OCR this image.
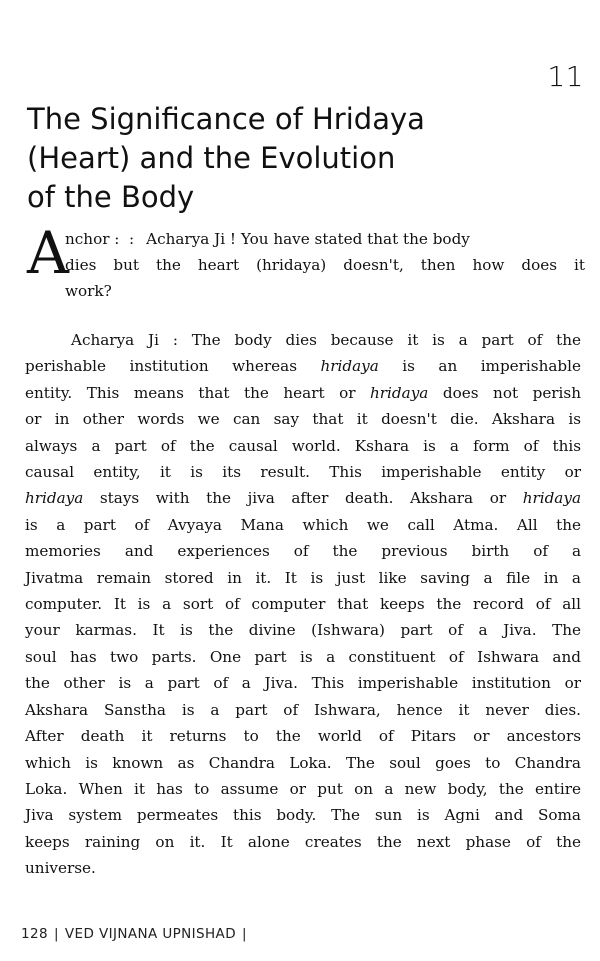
11
The Significance of Hridaya
(Heart) and the Evolution
of the Body
A
nchor : : Acharya Ji ! You have stated that the body
dies but the heart (hridaya) doesn't, then how does it
work?
Acharya Ji : The body dies because it is a part of the
perishable institution whereas hridaya is an imperishable
entity. This means that the heart or hridaya does not perish
or in other words we can say that it doesn't die. Akshara is
always a part of the causal world. Kshara is a form of this
causal entity, it is its result. This imperishable entity or
hridaya stays with the jiva after death. Akshara or hridaya
is a part of Avyaya Mana which we call Atma. All the
memories and experiences of the previous birth of a
Jivatma remain stored in it. It is just like saving a file in a
computer. It is a sort of computer that keeps the record of all
your karmas. It is the divine (Ishwara) part of a Jiva. The
soul has two parts. One part is a constituent of Ishwara and
the other is a part of a Jiva. This imperishable institution or
Akshara Sanstha is a part of Ishwara, hence it never dies.
After death it returns to the world of Pitars or ancestors
which is known as Chandra Loka. The soul goes to Chandra
Loka. When it has to assume or put on a new body, the entire
Jiva system permeates this body. The sun is Agni and Soma
keeps raining on it. It alone creates the next phase of the
universe.
128 | VED VIJNANA UPNISHAD |
